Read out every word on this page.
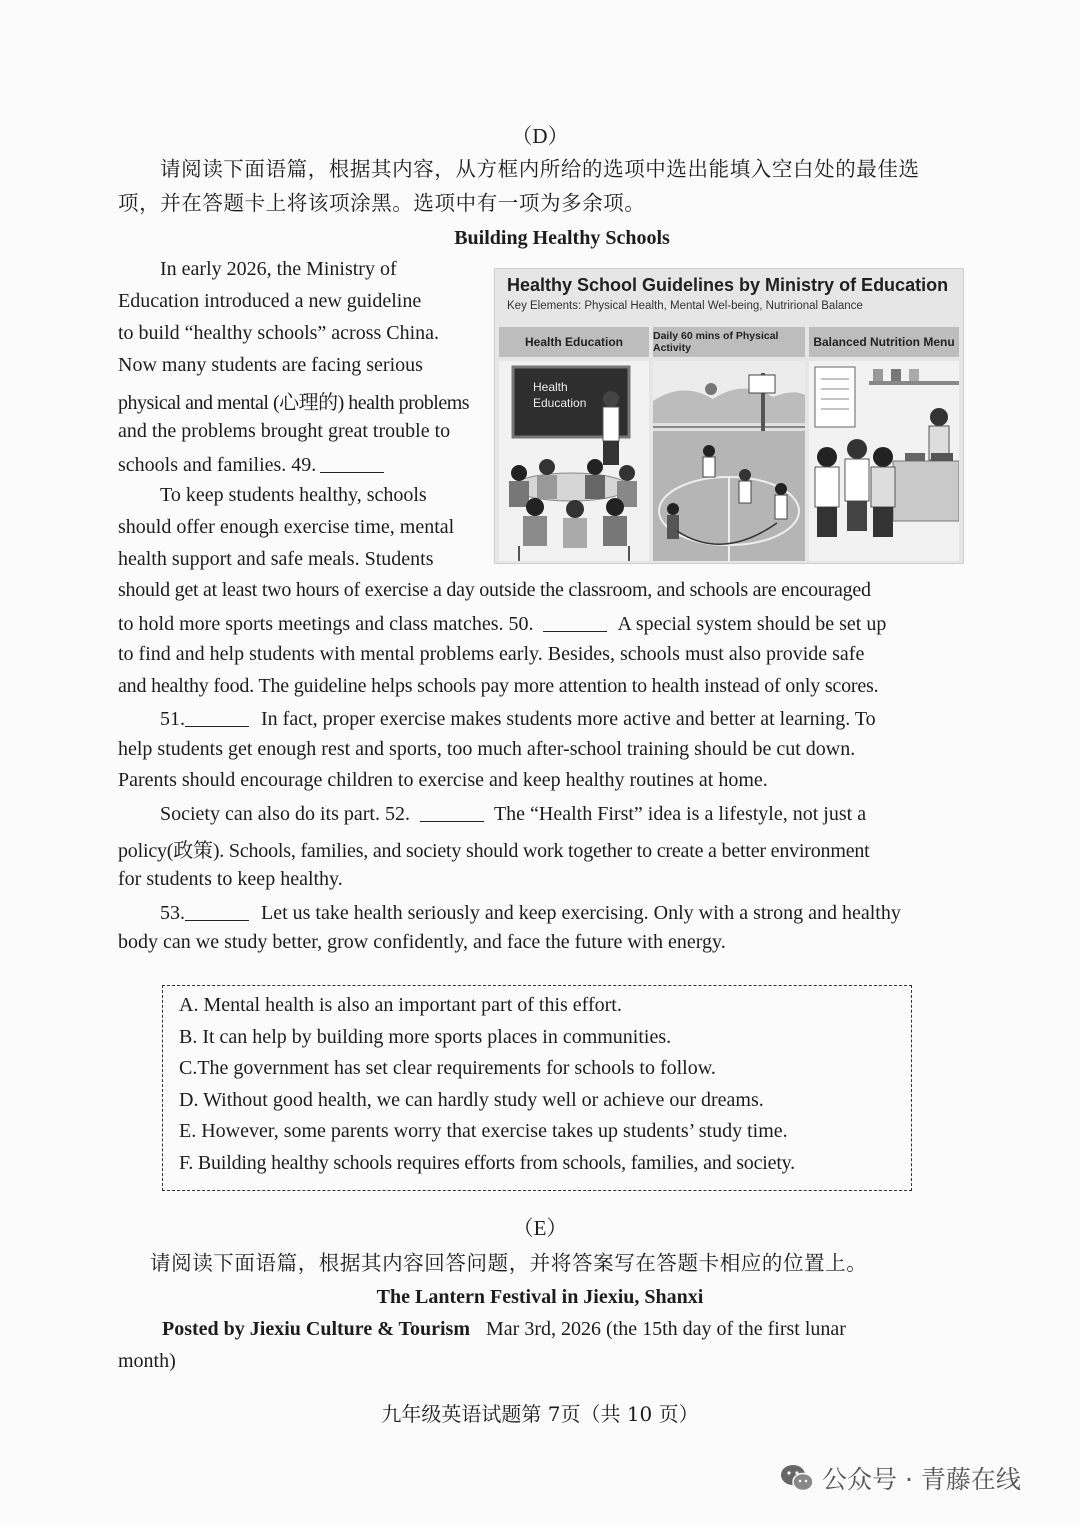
（D）
请阅读下面语篇，根据其内容，从方框内所给的选项中选出能填入空白处的最佳选
项，并在答题卡上将该项涂黑。选项中有一项为多余项。
Building Healthy Schools
In early 2026, the Ministry of
Education introduced a new guideline
to build “healthy schools” across China.
Now many students are facing serious
physical and mental (心理的) health problems
and the problems brought great trouble to
schools and families. 49.
To keep students healthy, schools
should offer enough exercise time, mental
health support and safe meals. Students
should get at least two hours of exercise a day outside the classroom, and schools are encouraged
to hold more sports meetings and class matches. 50.	A special system should be set up
to find and help students with mental problems early. Besides, schools must also provide safe
and healthy food. The guideline helps schools pay more attention to health instead of only scores.
51.	In fact, proper exercise makes students more active and better at learning. To
help students get enough rest and sports, too much after-school training should be cut down.
Parents should encourage children to exercise and keep healthy routines at home.
Society can also do its part. 52.	The “Health First” idea is a lifestyle, not just a
policy(政策). Schools, families, and society should work together to create a better environment
for students to keep healthy.
53.	Let us take health seriously and keep exercising. Only with a strong and healthy
body can we study better, grow confidently, and face the future with energy.
Healthy School Guidelines by Ministry of Education
Key Elements: Physical Health, Mental Wel-being, Nutrirional Balance
Health Education	Daily 60 mins of Physical Activity	Balanced Nutrition Menu
Health
Education
A. Mental health is also an important part of this effort.
B. It can help by building more sports places in communities.
C.The government has set clear requirements for schools to follow.
D. Without good health, we can hardly study well or achieve our dreams.
E. However, some parents worry that exercise takes up students’ study time.
F. Building healthy schools requires efforts from schools, families, and society.
（E）
请阅读下面语篇，根据其内容回答问题，并将答案写在答题卡相应的位置上。
The Lantern Festival in Jiexiu, Shanxi
Posted by Jiexiu Culture & Tourism Mar 3rd, 2026 (the 15th day of the first lunar
month)
九年级英语试题第 7页（共 10 页）
公众号 · 青藤在线
